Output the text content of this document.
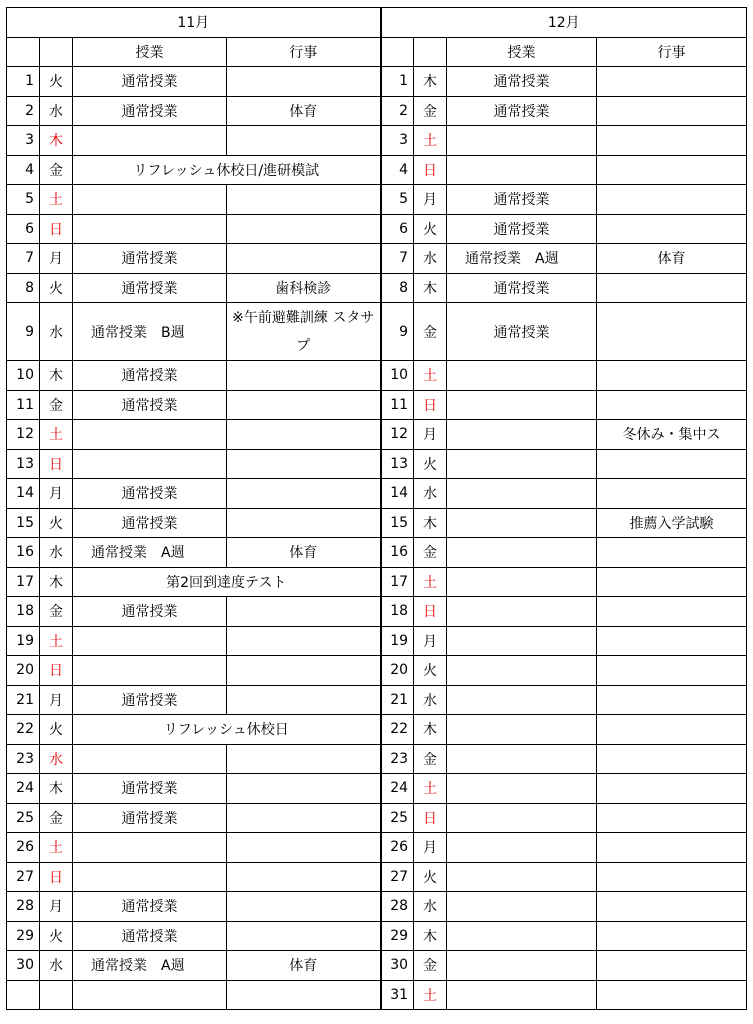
11月				12月			
		授業	行事			授業	行事
1	火	通常授業		1	木	通常授業	
2	水	通常授業	体育	2	金	通常授業	
3	木			3	土		
4	金	リフレッシュ休校日/進研模試		4	日		
5	土			5	月	通常授業	
6	日			6	火	通常授業	
7	月	通常授業		7	水	通常授業　A週	体育
8	火	通常授業	歯科検診	8	木	通常授業	
9	水	通常授業　B週	※午前避難訓練 スタサプ	9	金	通常授業	
10	木	通常授業		10	土		
11	金	通常授業		11	日		
12	土			12	月		冬休み・集中ス
13	日			13	火		
14	月	通常授業		14	水		
15	火	通常授業		15	木		推薦入学試験
16	水	通常授業　A週	体育	16	金		
17	木	第2回到達度テスト		17	土		
18	金	通常授業		18	日		
19	土			19	月		
20	日			20	火		
21	月	通常授業		21	水		
22	火	リフレッシュ休校日		22	木		
23	水			23	金		
24	木	通常授業		24	土		
25	金	通常授業		25	日		
26	土			26	月		
27	日			27	火		
28	月	通常授業		28	水		
29	火	通常授業		29	木		
30	水	通常授業　A週	体育	30	金		
				31	土		
